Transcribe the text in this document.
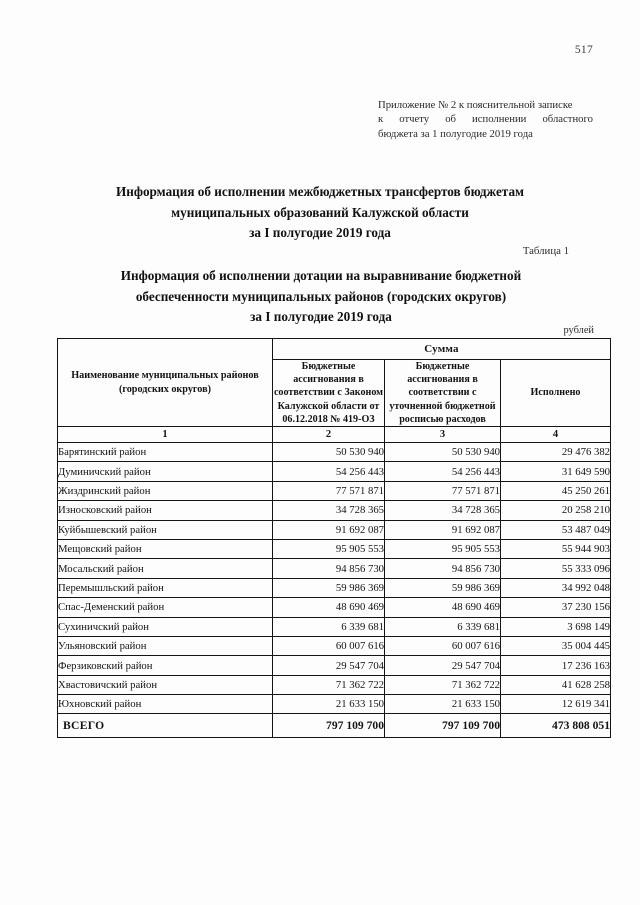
517
Приложение № 2 к пояснительной записке
к отчету об исполнении областного
бюджета за 1 полугодие 2019 года
Информация об исполнении межбюджетных трансфертов бюджетам
муниципальных образований Калужской области
за I полугодие 2019 года
Таблица 1
Информация об исполнении дотации на выравнивание бюджетной
обеспеченности муниципальных районов (городских округов)
за I полугодие 2019 года
рублей
Наименование муниципальных районов (городских округов)	Сумма		
	Бюджетные ассигнования в соответствии с Законом Калужской области от 06.12.2018 № 419-ОЗ	Бюджетные ассигнования в соответствии с уточненной бюджетной росписью расходов	Исполнено
1	2	3	4
Барятинский район	50 530 940	50 530 940	29 476 382
Думиничский район	54 256 443	54 256 443	31 649 590
Жиздринский район	77 571 871	77 571 871	45 250 261
Износковский район	34 728 365	34 728 365	20 258 210
Куйбышевский район	91 692 087	91 692 087	53 487 049
Мещовский район	95 905 553	95 905 553	55 944 903
Мосальский район	94 856 730	94 856 730	55 333 096
Перемышльский район	59 986 369	59 986 369	34 992 048
Спас-Деменский район	48 690 469	48 690 469	37 230 156
Сухиничский район	6 339 681	6 339 681	3 698 149
Ульяновский район	60 007 616	60 007 616	35 004 445
Ферзиковский район	29 547 704	29 547 704	17 236 163
Хвастовичский район	71 362 722	71 362 722	41 628 258
Юхновский район	21 633 150	21 633 150	12 619 341
ВСЕГО	797 109 700	797 109 700	473 808 051
